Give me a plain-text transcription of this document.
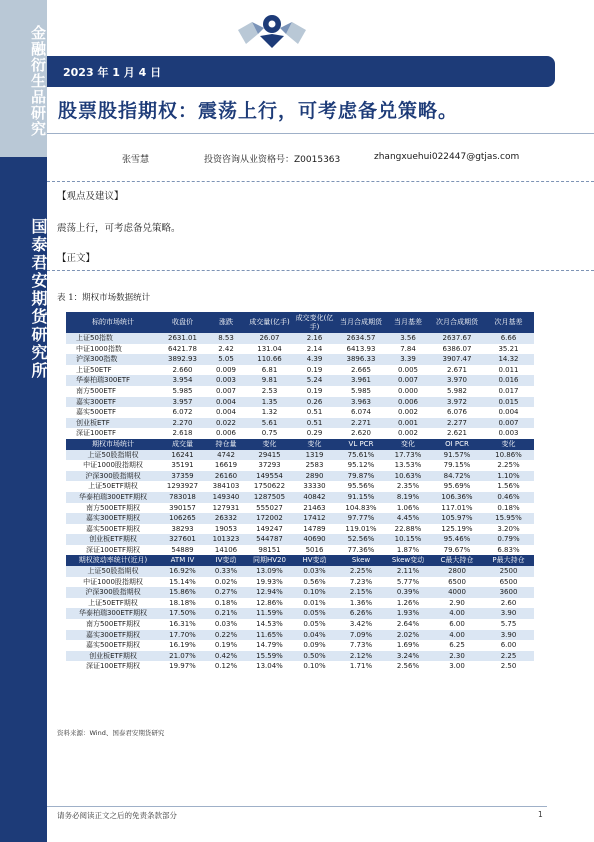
金融衍生品研究
国泰君安期货研究所
2023 年 1 月 4 日
股票股指期权：震荡上行，可考虑备兑策略。
张雪慧	投资咨询从业资格号：Z0015363	zhangxuehui022447@gtjas.com
【观点及建议】
震荡上行，可考虑备兑策略。
【正文】
表 1：期权市场数据统计
标的市场统计	收盘价	涨跌	成交量(亿手)	成交变化(亿手)	当月合成期货	当月基差	次月合成期货	次月基差
上证50指数	2631.01	8.53	26.07	2.16	2634.57	3.56	2637.67	6.66
中证1000指数	6421.78	2.42	131.04	2.14	6413.93	7.84	6386.07	35.21
沪深300指数	3892.93	5.05	110.66	4.39	3896.33	3.39	3907.47	14.32
上证50ETF	2.660	0.009	6.81	0.19	2.665	0.005	2.671	0.011
华泰柏瑞300ETF	3.954	0.003	9.81	5.24	3.961	0.007	3.970	0.016
南方500ETF	5.985	0.007	2.53	0.19	5.985	0.000	5.982	0.017
嘉实300ETF	3.957	0.004	1.35	0.26	3.963	0.006	3.972	0.015
嘉实500ETF	6.072	0.004	1.32	0.51	6.074	0.002	6.076	0.004
创业板ETF	2.270	0.022	5.61	0.51	2.271	0.001	2.277	0.007
深证100ETF	2.618	0.006	0.75	0.29	2.620	0.002	2.621	0.003
期权市场统计	成交量	持仓量	变化	变化	VL PCR	变化	OI PCR	变化
上证50股指期权	16241	4742	29415	1319	75.61%	17.73%	91.57%	10.86%
中证1000股指期权	35191	16619	37293	2583	95.12%	13.53%	79.15%	2.25%
沪深300股指期权	37359	26160	149554	2890	79.87%	10.63%	84.72%	1.10%
上证50ETF期权	1293927	384103	1750622	33330	95.56%	2.35%	95.69%	1.56%
华泰柏瑞300ETF期权	783018	149340	1287505	40842	91.15%	8.19%	106.36%	0.46%
南方500ETF期权	390157	127931	555027	21463	104.83%	1.06%	117.01%	0.18%
嘉实300ETF期权	106265	26332	172002	17412	97.77%	4.45%	105.97%	15.95%
嘉实500ETF期权	38293	19053	149247	14789	119.01%	22.88%	125.19%	3.20%
创业板ETF期权	327601	101323	544787	40690	52.56%	10.15%	95.46%	0.79%
深证100ETF期权	54889	14106	98151	5016	77.36%	1.87%	79.67%	6.83%
期权波动率统计(近月)	ATM IV	IV变动	同期HV20	HV变动	Skew	Skew变动	C最大持仓	P最大持仓
上证50股指期权	16.92%	0.33%	13.09%	0.03%	2.25%	2.11%	2800	2500
中证1000股指期权	15.14%	0.02%	19.93%	0.56%	7.23%	5.77%	6500	6500
沪深300股指期权	15.86%	0.27%	12.94%	0.10%	2.15%	0.39%	4000	3600
上证50ETF期权	18.18%	0.18%	12.86%	0.01%	1.36%	1.26%	2.90	2.60
华泰柏瑞300ETF期权	17.50%	0.21%	11.59%	0.05%	6.26%	1.93%	4.00	3.90
南方500ETF期权	16.31%	0.03%	14.53%	0.05%	3.42%	2.64%	6.00	5.75
嘉实300ETF期权	17.70%	0.22%	11.65%	0.04%	7.09%	2.02%	4.00	3.90
嘉实500ETF期权	16.19%	0.19%	14.79%	0.09%	7.73%	1.69%	6.25	6.00
创业板ETF期权	21.07%	0.42%	15.59%	0.50%	2.12%	3.24%	2.30	2.25
深证100ETF期权	19.97%	0.12%	13.04%	0.10%	1.71%	2.56%	3.00	2.50
资料来源：Wind、国泰君安期货研究
请务必阅读正文之后的免责条款部分	1
